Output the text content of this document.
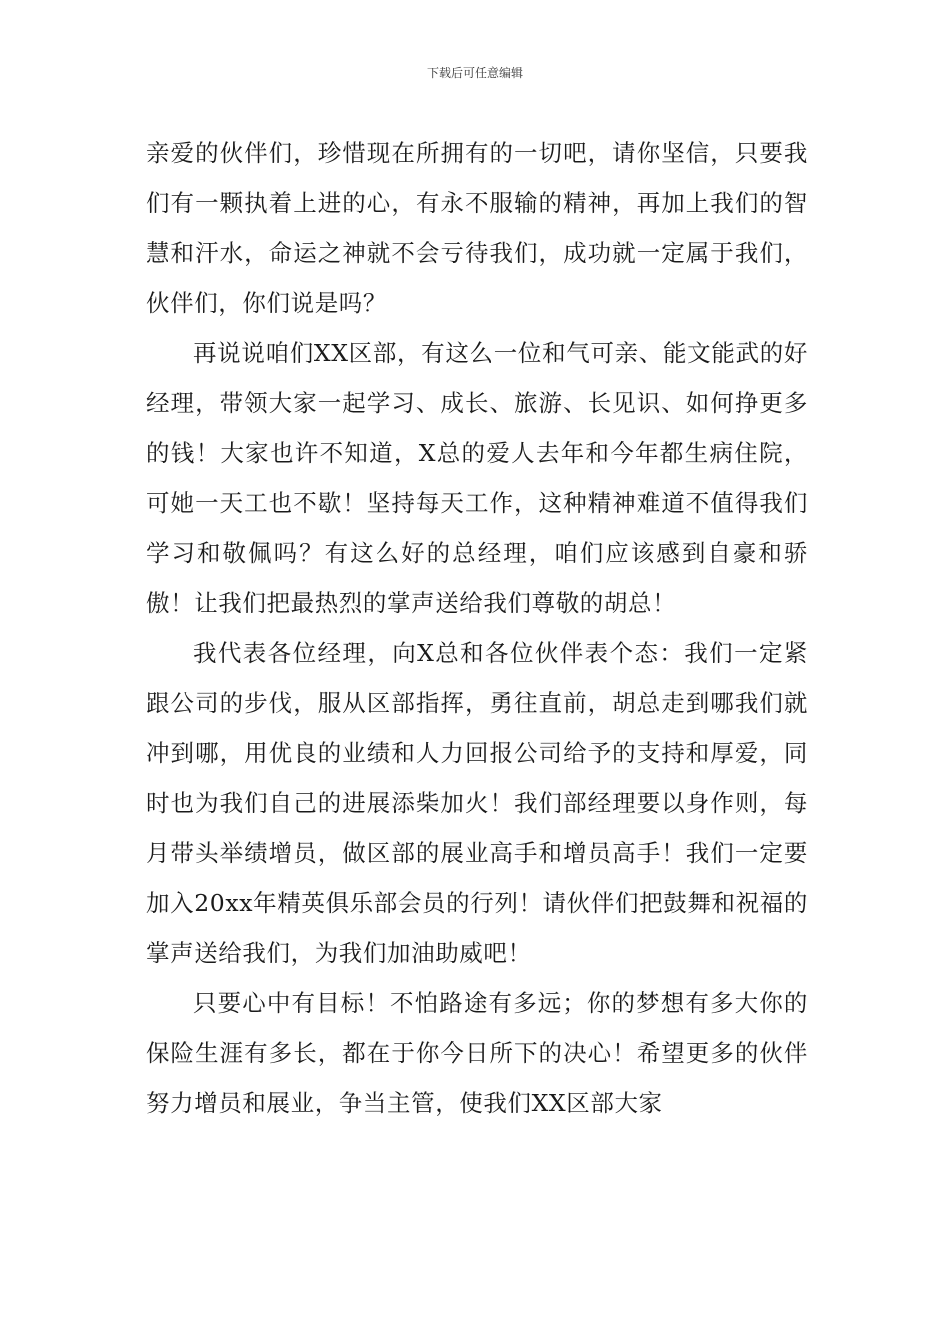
下载后可任意编辑

亲爱的伙伴们，珍惜现在所拥有的一切吧，请你坚信，只要我们有一颗执着上进的心，有永不服输的精神，再加上我们的智慧和汗水，命运之神就不会亏待我们，成功就一定属于我们，伙伴们，你们说是吗？

再说说咱们XX区部，有这么一位和气可亲、能文能武的好经理，带领大家一起学习、成长、旅游、长见识、如何挣更多的钱！大家也许不知道，X总的爱人去年和今年都生病住院，可她一天工也不歇！坚持每天工作，这种精神难道不值得我们学习和敬佩吗？有这么好的总经理，咱们应该感到自豪和骄傲！让我们把最热烈的掌声送给我们尊敬的胡总！

我代表各位经理，向X总和各位伙伴表个态：我们一定紧跟公司的步伐，服从区部指挥，勇往直前，胡总走到哪我们就冲到哪，用优良的业绩和人力回报公司给予的支持和厚爱，同时也为我们自己的进展添柴加火！我们部经理要以身作则，每月带头举绩增员，做区部的展业高手和增员高手！我们一定要加入20xx年精英俱乐部会员的行列！请伙伴们把鼓舞和祝福的掌声送给我们，为我们加油助威吧！

只要心中有目标！不怕路途有多远；你的梦想有多大你的保险生涯有多长，都在于你今日所下的决心！希望更多的伙伴努力增员和展业，争当主管，使我们XX区部大家
